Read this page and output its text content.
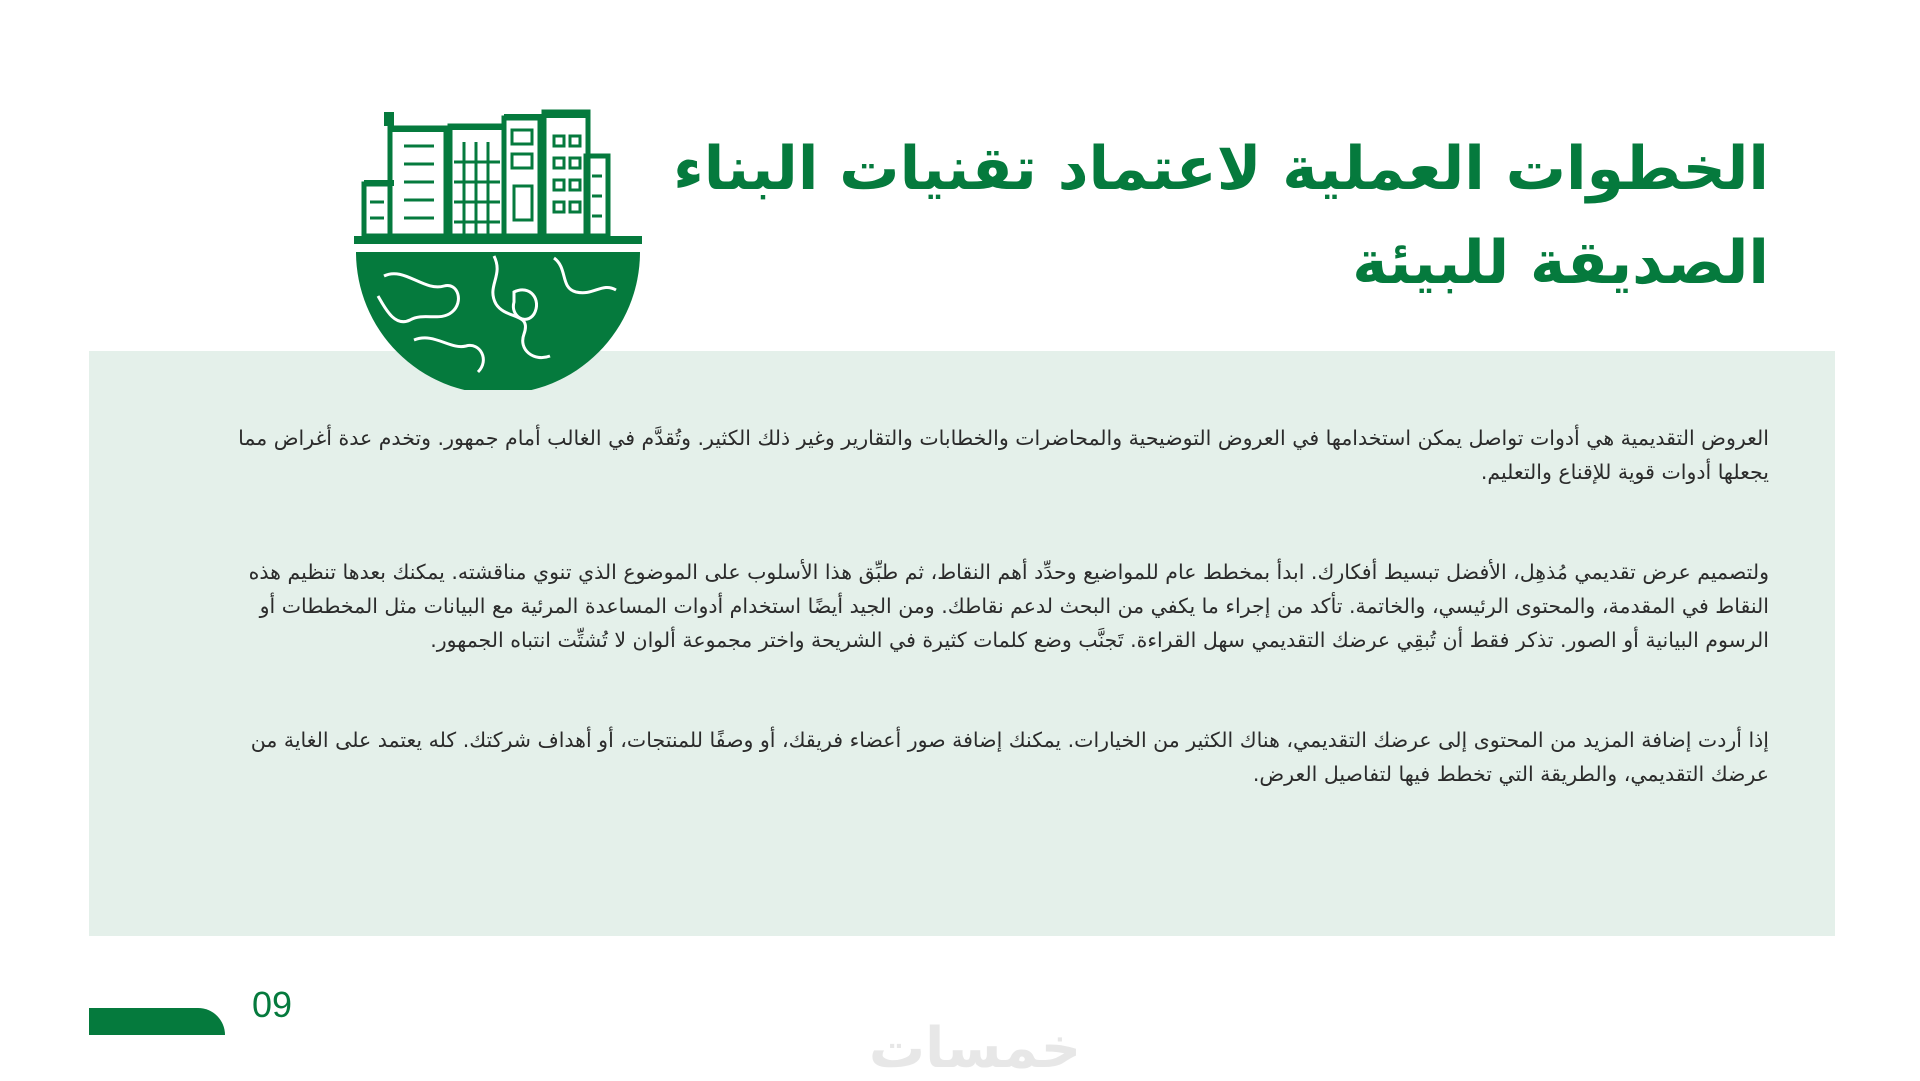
الخطوات العملية لاعتماد تقنيات البناء الصديقة للبيئة

العروض التقديمية هي أدوات تواصل يمكن استخدامها في العروض التوضيحية والمحاضرات والخطابات والتقارير وغير ذلك الكثير. وتُقدَّم في الغالب أمام جمهور. وتخدم عدة أغراض مما يجعلها أدوات قوية للإقناع والتعليم.

ولتصميم عرض تقديمي مُذهِل، الأفضل تبسيط أفكارك. ابدأ بمخطط عام للمواضيع وحدِّد أهم النقاط، ثم طبِّق هذا الأسلوب على الموضوع الذي تنوي مناقشته. يمكنك بعدها تنظيم هذه النقاط في المقدمة، والمحتوى الرئيسي، والخاتمة. تأكد من إجراء ما يكفي من البحث لدعم نقاطك. ومن الجيد أيضًا استخدام أدوات المساعدة المرئية مع البيانات مثل المخططات أو الرسوم البيانية أو الصور. تذكر فقط أن تُبقِي عرضك التقديمي سهل القراءة. تَجنَّب وضع كلمات كثيرة في الشريحة واختر مجموعة ألوان لا تُشتِّت انتباه الجمهور.

إذا أردت إضافة المزيد من المحتوى إلى عرضك التقديمي، هناك الكثير من الخيارات. يمكنك إضافة صور أعضاء فريقك، أو وصفًا للمنتجات، أو أهداف شركتك. كله يعتمد على الغاية من عرضك التقديمي، والطريقة التي تخطط فيها لتفاصيل العرض.

09
خمسات
